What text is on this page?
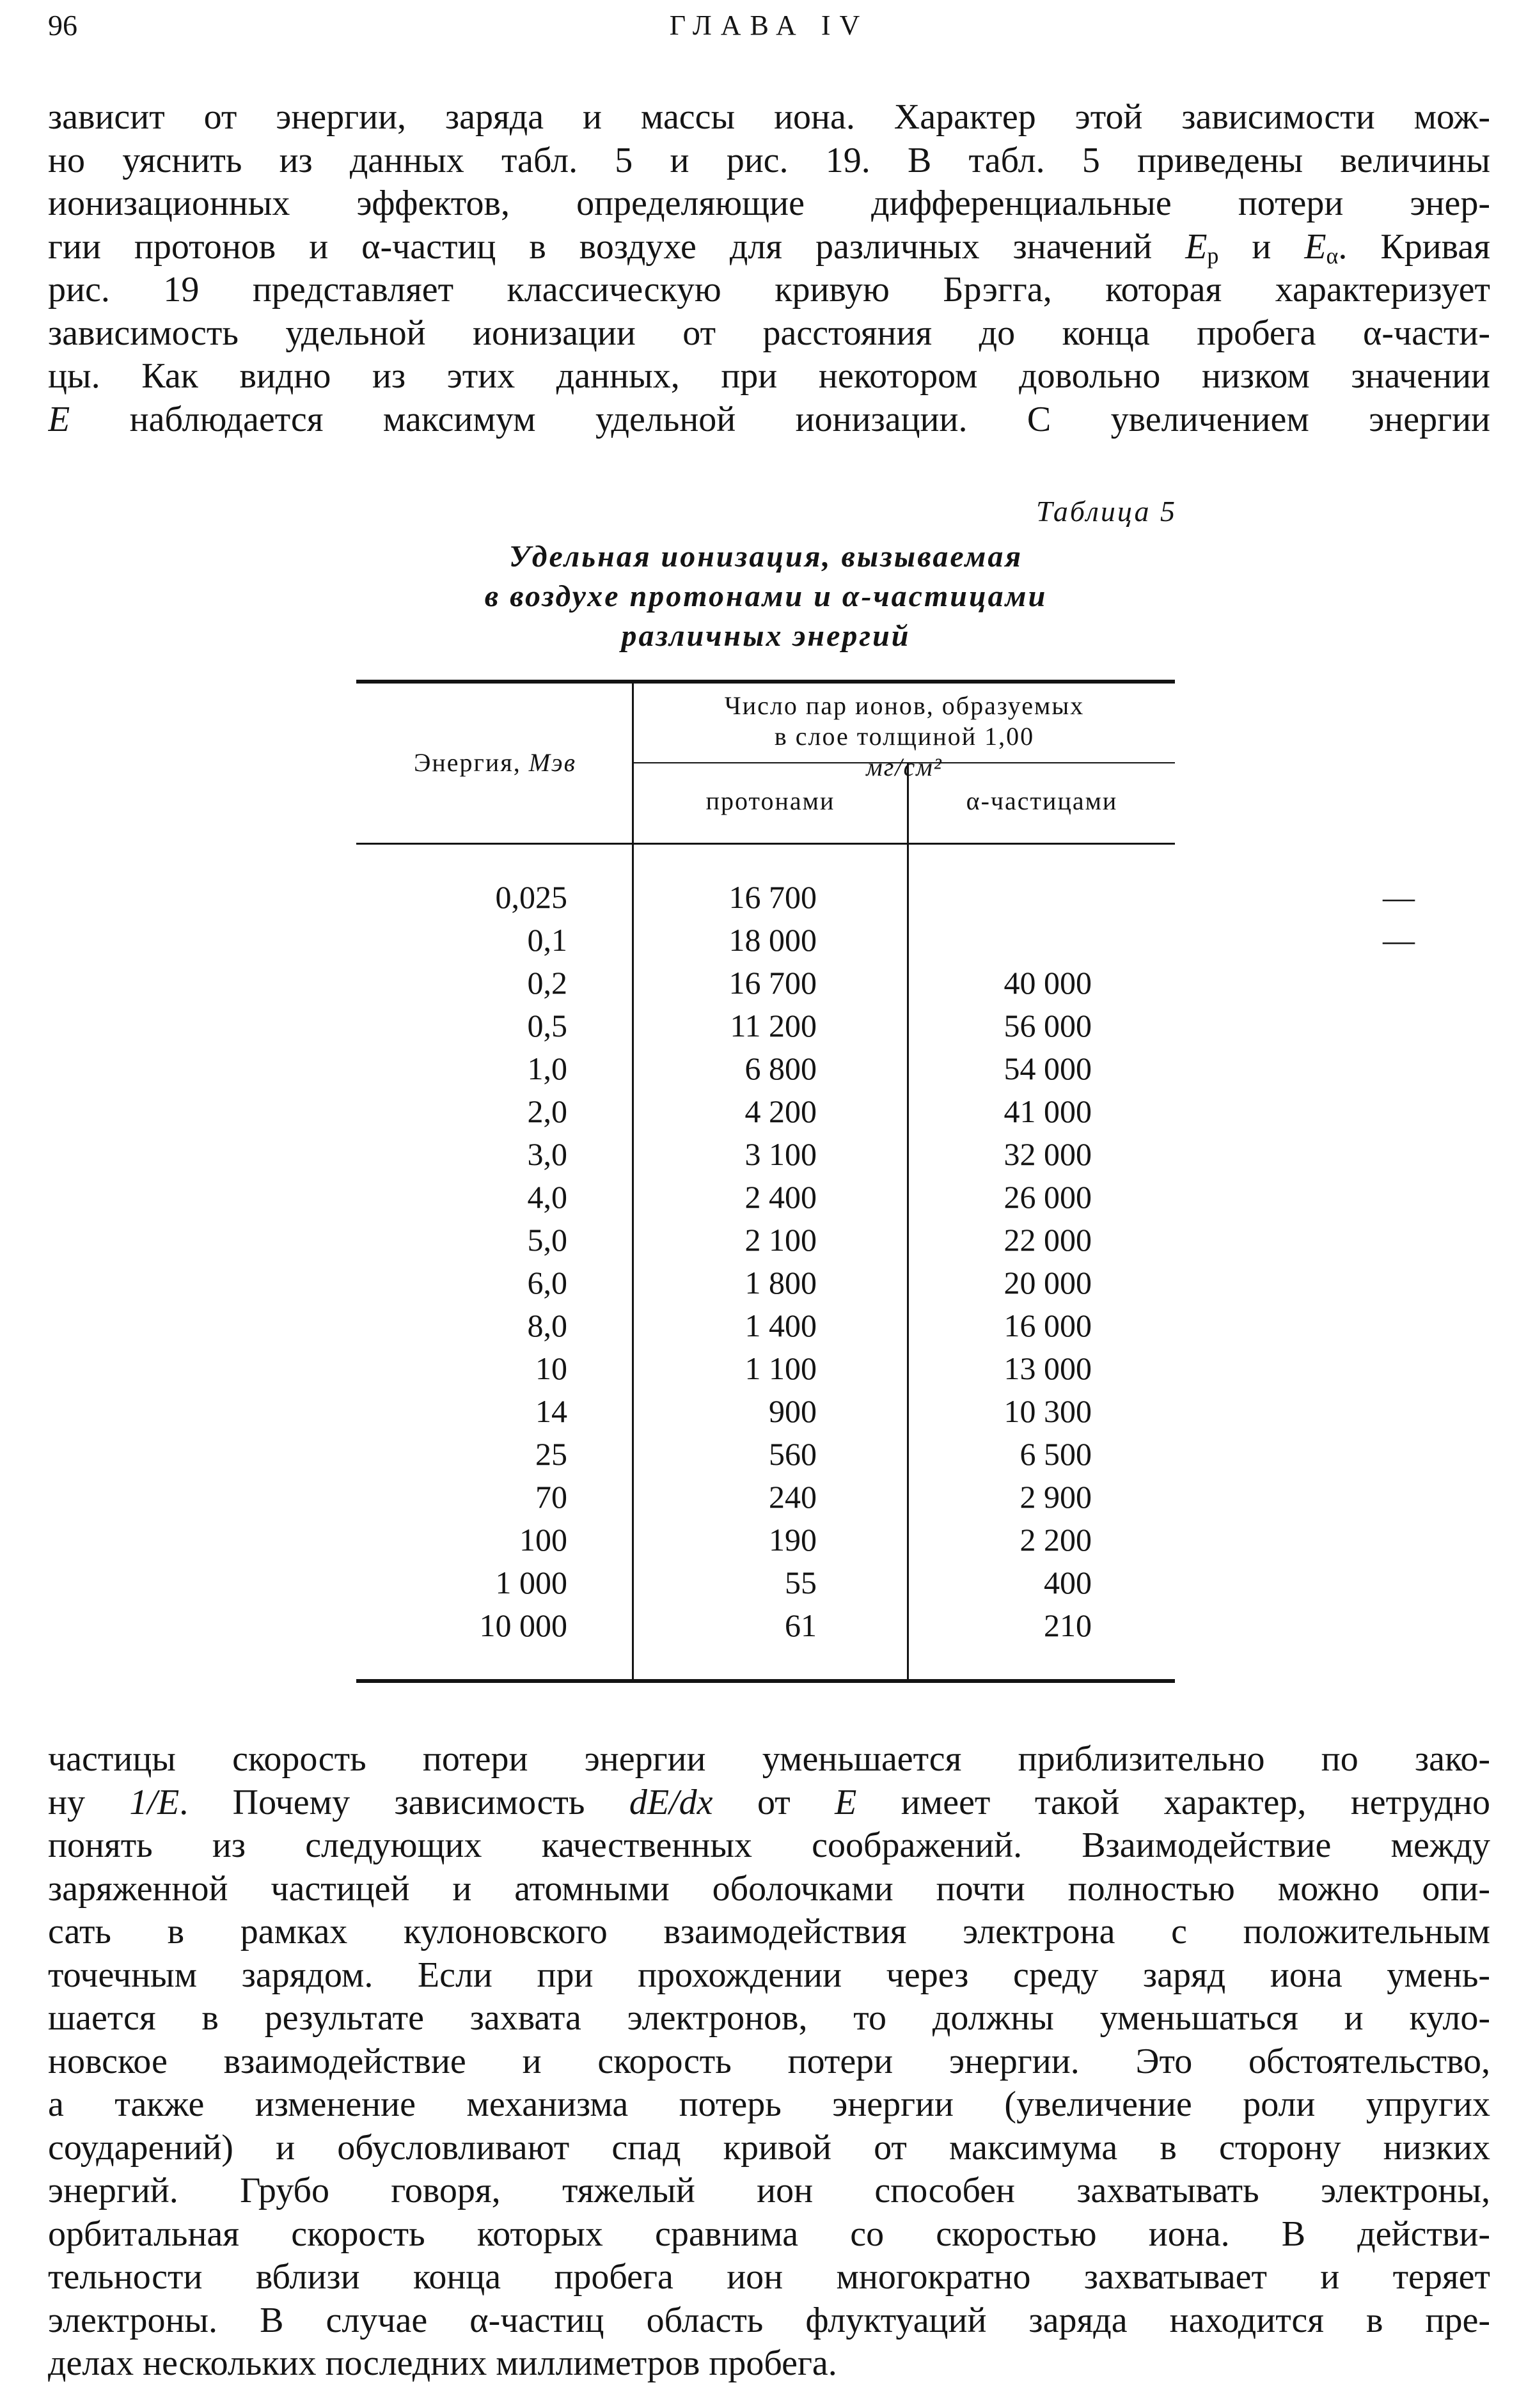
96	ГЛАВА IV

зависит от энергии, заряда и массы иона. Характер этой зависимости мож-
но уяснить из данных табл. 5 и рис. 19. В табл. 5 приведены величины
ионизационных эффектов, определяющие дифференциальные потери энер-
гии протонов и α-частиц в воздухе для различных значений $E_p$ и $E_\alpha$. Кривая
рис. 19 представляет классическую кривую Брэгга, которая характеризует
зависимость удельной ионизации от расстояния до конца пробега α-части-
цы. Как видно из этих данных, при некотором довольно низком значении
E наблюдается максимум удельной ионизации. С увеличением энергии

Таблица 5
Удельная ионизация, вызываемая
в воздухе протонами и α-частицами
различных энергий
Энергия, Мэв
Число пар ионов, образуемых
в слое толщиной 1,00
мг/см²
протонами	α-частицами
0,025	16 700	—
0,1	18 000	—
0,2	16 700	40 000
0,5	11 200	56 000
1,0	6 800	54 000
2,0	4 200	41 000
3,0	3 100	32 000
4,0	2 400	26 000
5,0	2 100	22 000
6,0	1 800	20 000
8,0	1 400	16 000
10	1 100	13 000
14	900	10 300
25	560	6 500
70	240	2 900
100	190	2 200
1 000	55	400
10 000	61	210

частицы скорость потери энергии уменьшается приблизительно по зако-
ну 1/E. Почему зависимость dE/dx от E имеет такой характер, нетрудно
понять из следующих качественных соображений. Взаимодействие между
заряженной частицей и атомными оболочками почти полностью можно опи-
сать в рамках кулоновского взаимодействия электрона с положительным
точечным зарядом. Если при прохождении через среду заряд иона умень-
шается в результате захвата электронов, то должны уменьшаться и куло-
новское взаимодействие и скорость потери энергии. Это обстоятельство,
а также изменение механизма потерь энергии (увеличение роли упругих
соударений) и обусловливают спад кривой от максимума в сторону низких
энергий. Грубо говоря, тяжелый ион способен захватывать электроны,
орбитальная скорость которых сравнима со скоростью иона. В действи-
тельности вблизи конца пробега ион многократно захватывает и теряет
электроны. В случае α-частиц область флуктуаций заряда находится в пре-
делах нескольких последних миллиметров пробега.
